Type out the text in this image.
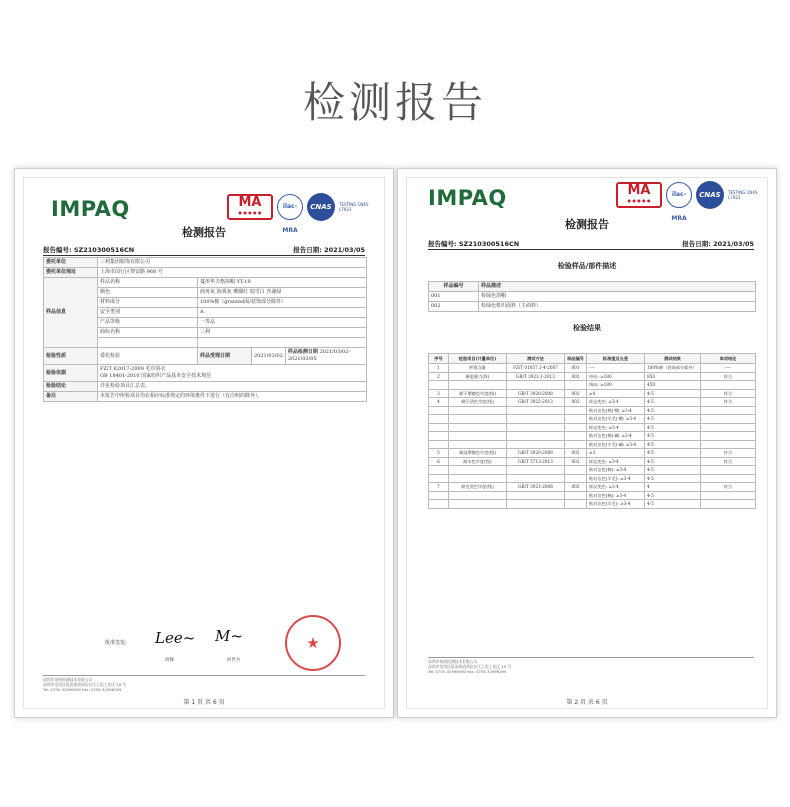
检测报告
IMPAQ	MA
● ● ● ● ●
ilac-MRA
CNAS	TESTING CNAS L7923
检测报告
报告编号: SZ210300516CN	报告日期: 2021/03/05
委托单位	三利集团服饰有限公司			
委托单位地址	上海市闵行区黎安路 968 号			
样品信息	样品名称	蔓形华夫格浴帽 YT-19		
	颜色	商务灰 海雾灰 珊瑚红 瑞雪白 青湖绿		
	材料成分	100%棉（granted面/装饰部分除外）		
	安全类别	A		
	产品等级	一等品		
	商标名称	三利		

检验性质	委托检验	样品受理日期	2021/03/02	样品检测日期 2021/03/02-2021/03/05
检验依据	FZ/T 62017-2009 毛巾浴衣
GB 18401-2010 国家纺织产品基本安全技术规范			

检验结论	详见检验项目汇总表。			
备注	本报告中所检项目均在相应标准规定的环境条件下进行（有注明的除外）。			
批准签发: Lee​~ M​~
周修	何世兵
★
深圳市英柏检测技术有限公司
深圳市龙岗区坂田街道南坑社区上坂工业区 19 号
Tel: 0755-32996590 Fax: 0755-32996299
第 1 页 共 6 页
IMPAQ	MA
● ● ● ● ●
ilac-MRA
CNAS	TESTING CNAS L7923
检测报告
报告编号: SZ210300516CN	报告日期: 2021/03/05
检验样品/部件描述
样品编号	样品描述
001	检绿色浴帽
002	检绿色机织面料（主面料）
检验结果
序号	检验项目(计量单位)	测试方法	样品编号	标准值及允差	测试结果	单项结论
1	纤维含量	FZ/T 01057.1-4-2007	001	----	100%棉（装饰部分除外）	----
2	断裂强力(N)	GB/T 3923.1-2013	002	经向: ≥180	850	符合
				纬向: ≥180	450	
3	耐干摩擦色牢度(级)	GB/T 3920-2008	002	≥4	4-5	符合
4	耐汗渍色牢度(级)	GB/T 3922-2013	002	样品变色: ≥3-4	4-5	符合
				粘衬沾色(棉)-酸: ≥3-4	4-5	
				粘衬沾色(羊毛)-酸: ≥3-4	4-5	
				样品变色: ≥3-4	4-5	
				粘衬沾色(棉)-碱: ≥3-4	4-5	
				粘衬沾色(羊毛)-碱: ≥3-4	4-5	
5	耐湿摩擦色牢度(级)	GB/T 3920-2008	002	≥3	4-5	符合
6	耐水色牢度(级)	GB/T 5713-2013	002	样品变色: ≥3-4	4-5	符合
				粘衬沾色(棉): ≥3-4	4-5	
				粘衬沾色(羊毛): ≥3-4	4-5	
7	耐皂洗色牢度(级)	GB/T 3921-2008	002	样品变色: ≥3-4	4	符合
				粘衬沾色(棉): ≥3-4	4-5	
				粘衬沾色(羊毛): ≥3-4	4-5	
深圳市英柏检测技术有限公司
深圳市龙岗区坂田街道南坑社区上坂工业区 19 号
Tel: 0755-32996590 Fax: 0755-32996299
第 2 页 共 6 页
